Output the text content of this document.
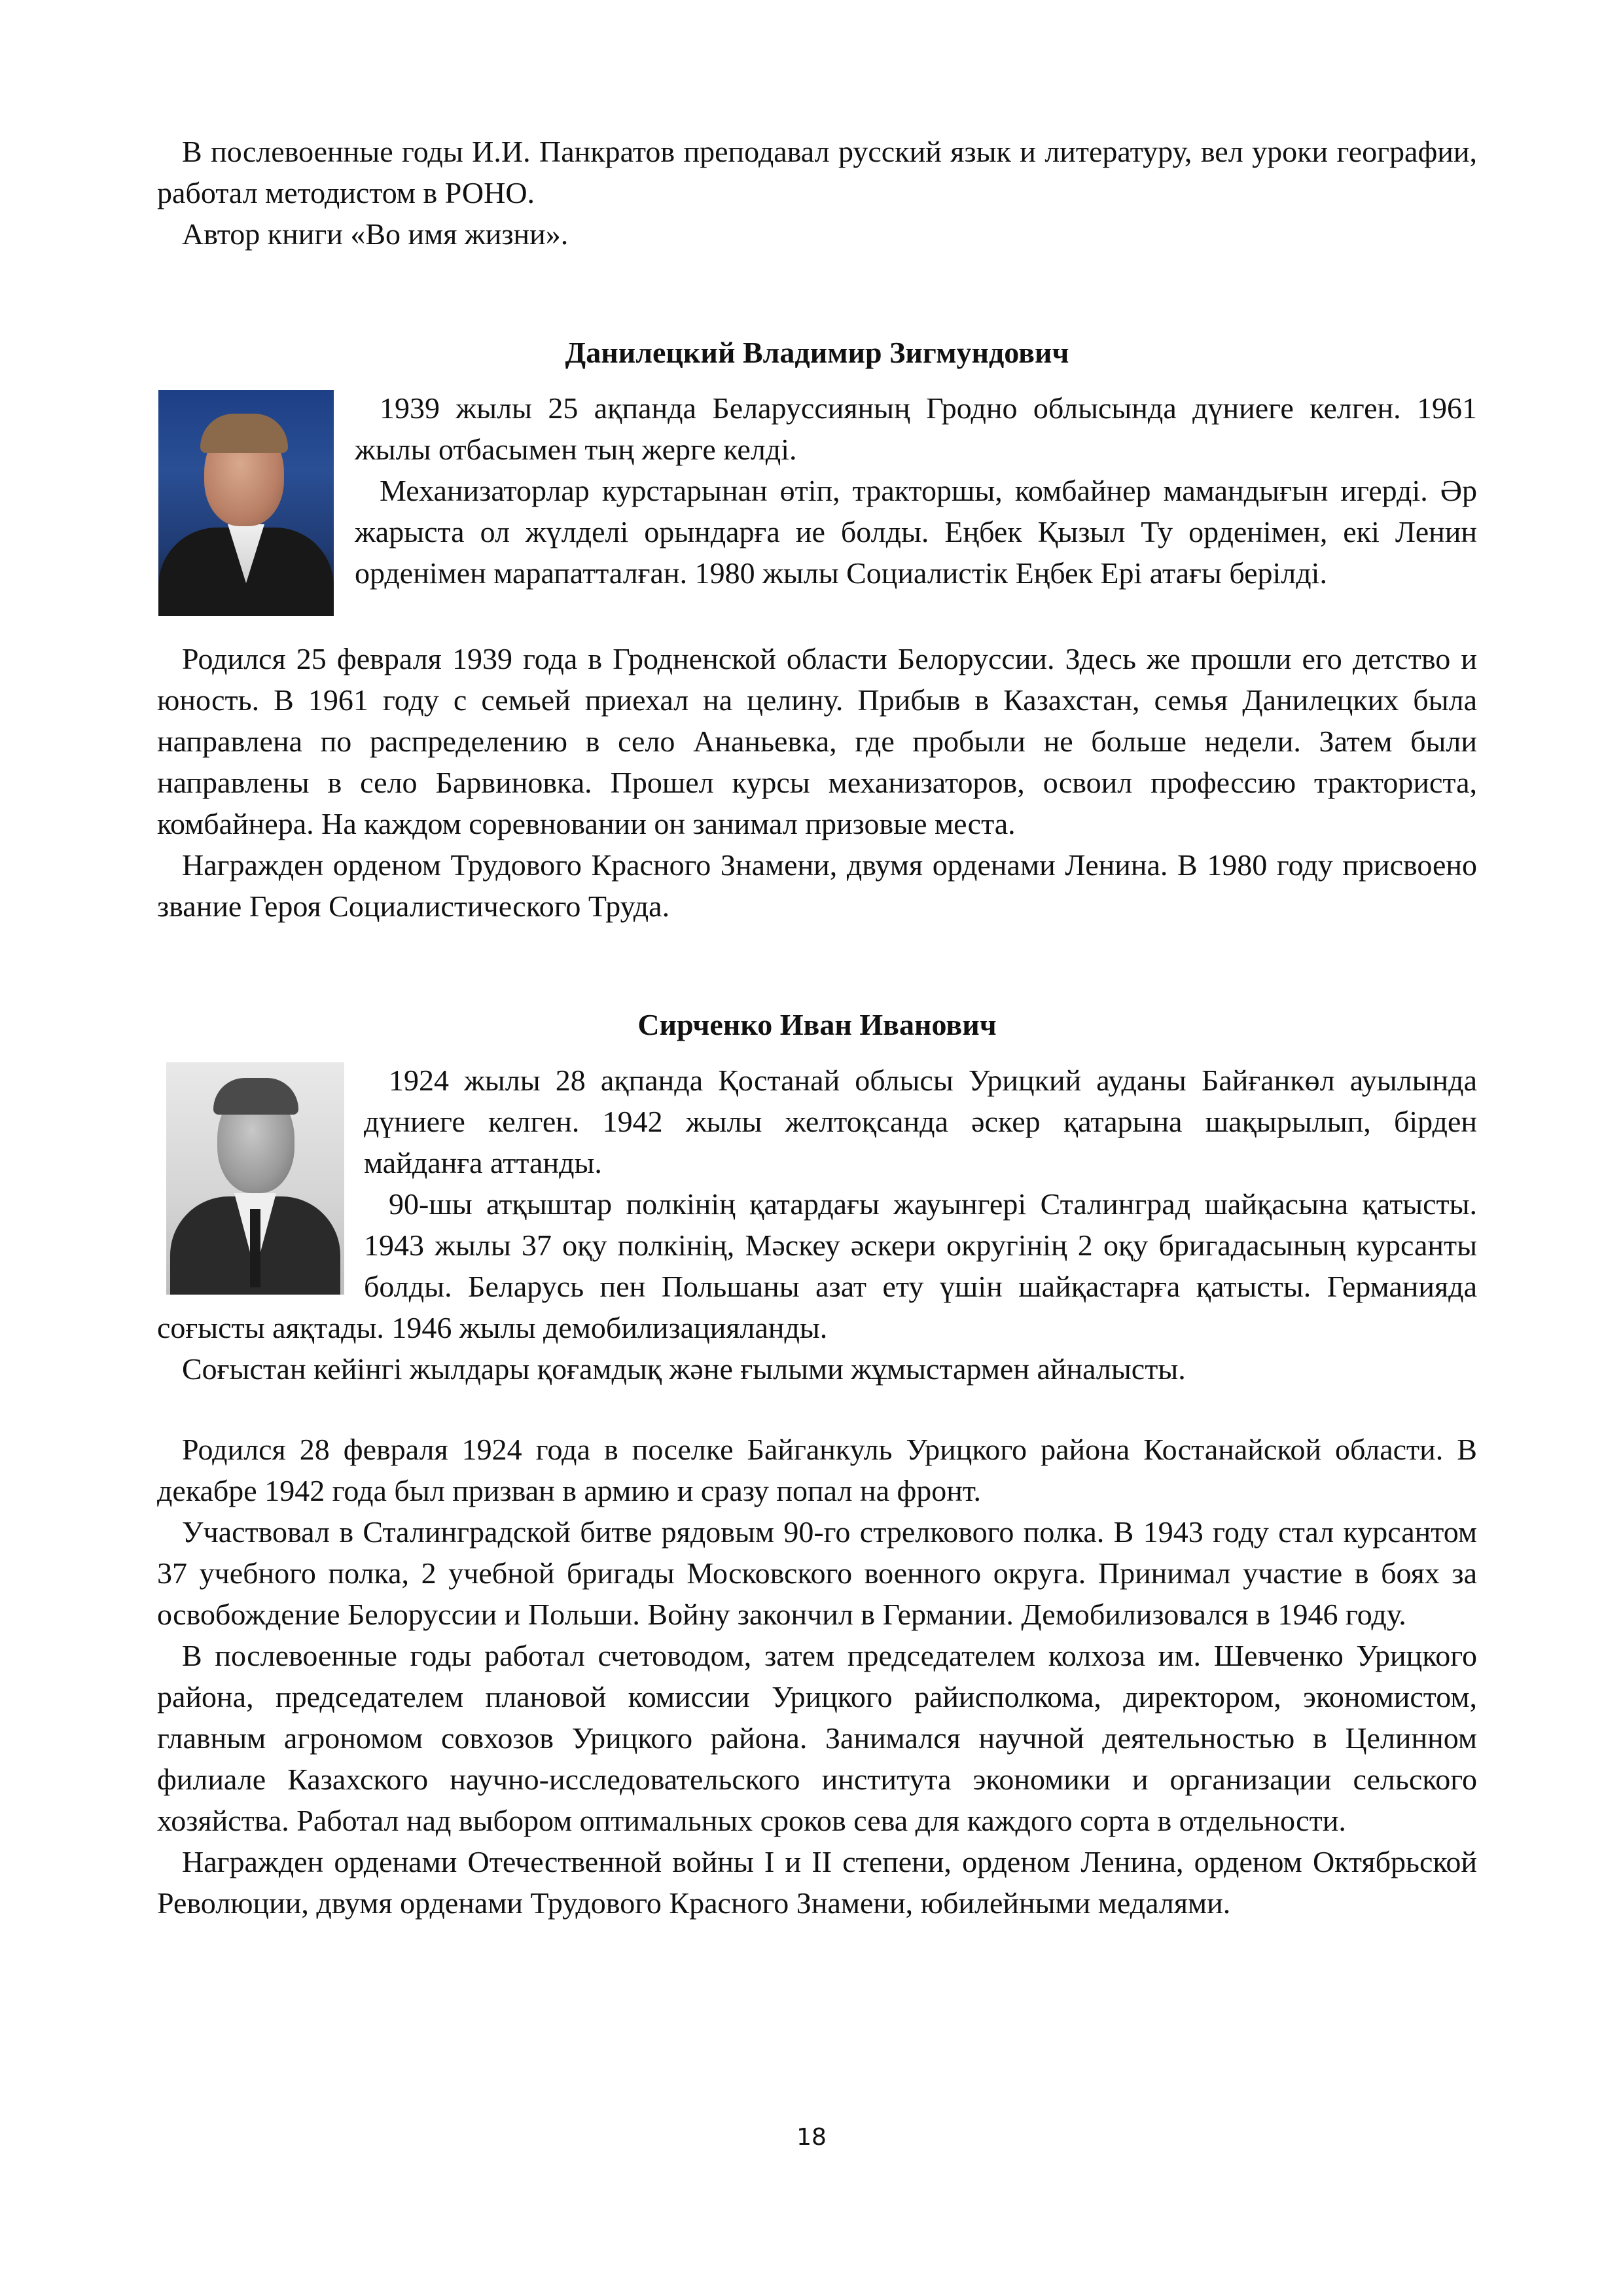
В послевоенные годы И.И. Панкратов преподавал русский язык и литературу, вел уроки географии, работал методистом в РОНО.

Автор книги «Во имя жизни».

Данилецкий Владимир Зигмундович

1939 жылы 25 ақпанда Беларуссияның Гродно облысында дүниеге келген. 1961 жылы отбасымен тың жерге келді.

Механизаторлар курстарынан өтіп, тракторшы, комбайнер мамандығын игерді. Әр жарыста ол жүлделі орындарға ие болды. Еңбек Қызыл Ту орденімен, екі Ленин орденімен марапатталған. 1980 жылы Социалистік Еңбек Ері атағы берілді.

Родился 25 февраля 1939 года в Гродненской области Белоруссии. Здесь же прошли его детство и юность. В 1961 году с семьей приехал на целину. Прибыв в Казахстан, семья Данилецких была направлена по распределению в село Ананьевка, где пробыли не больше недели. Затем были направлены в село Барвиновка. Прошел курсы механизаторов, освоил профессию тракториста, комбайнера. На каждом соревновании он занимал призовые места.

Награжден орденом Трудового Красного Знамени, двумя орденами Ленина. В 1980 году присвоено звание Героя Социалистического Труда.

Сирченко Иван Иванович

1924 жылы 28 ақпанда Қостанай облысы Урицкий ауданы Байғанкөл ауылында дүниеге келген. 1942 жылы желтоқсанда әскер қатарына шақырылып, бірден майданға аттанды.

90-шы атқыштар полкінің қатардағы жауынгері Сталинград шайқасына қатысты. 1943 жылы 37 оқу полкінің, Мәскеу әскери округінің 2 оқу бригадасының курсанты болды. Беларусь пен Польшаны азат ету үшін шайқастарға қатысты. Германияда соғысты аяқтады. 1946 жылы демобилизацияланды.

Соғыстан кейінгі жылдары қоғамдық және ғылыми жұмыстармен айналысты.

Родился 28 февраля 1924 года в поселке Байганкуль Урицкого района Костанайской области. В декабре 1942 года был призван в армию и сразу попал на фронт.

Участвовал в Сталинградской битве рядовым 90-го стрелкового полка. В 1943 году стал курсантом 37 учебного полка, 2 учебной бригады Московского военного округа. Принимал участие в боях за освобождение Белоруссии и Польши. Войну закончил в Германии. Демобилизовался в 1946 году.

В послевоенные годы работал счетоводом, затем председателем колхоза им. Шевченко Урицкого района, председателем плановой комиссии Урицкого райисполкома, директором, экономистом, главным агрономом совхозов Урицкого района. Занимался научной деятельностью в Целинном филиале Казахского научно-исследовательского института экономики и организации сельского хозяйства. Работал над выбором оптимальных сроков сева для каждого сорта в отдельности.

Награжден орденами Отечественной войны I и II степени, орденом Ленина, орденом Октябрьской Революции, двумя орденами Трудового Красного Знамени, юбилейными медалями.

18
